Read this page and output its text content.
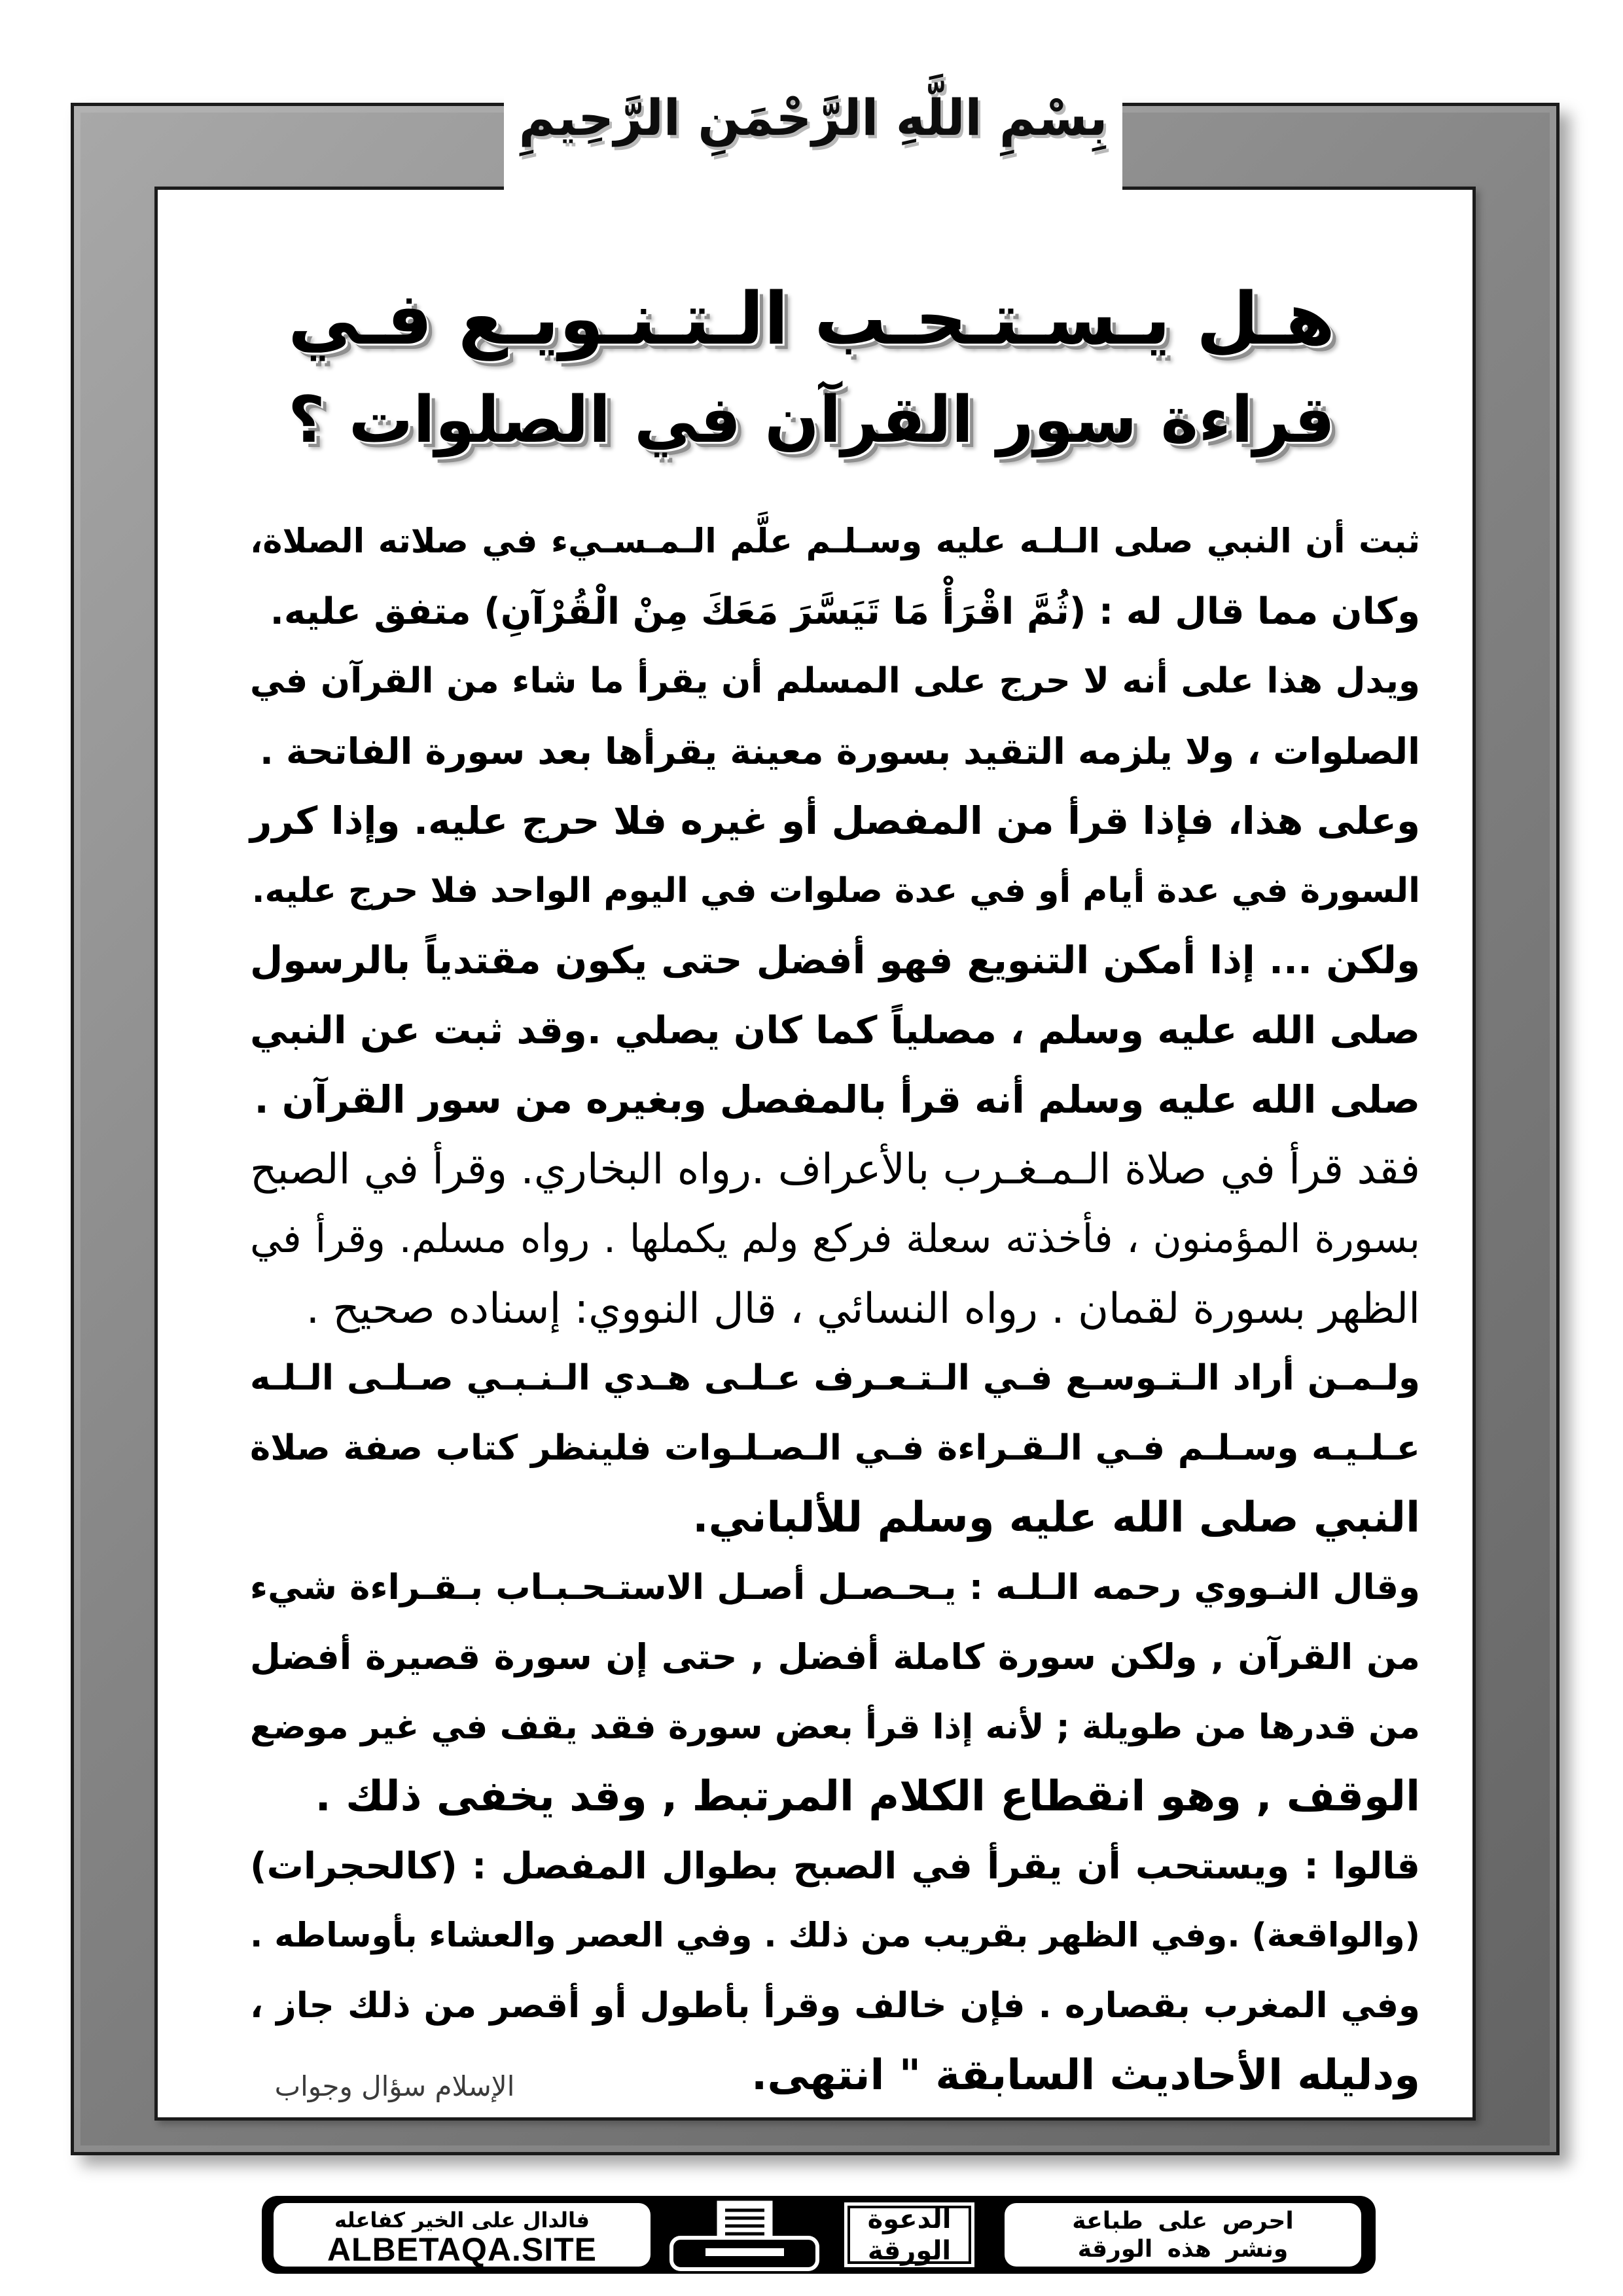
بِسْمِ اللَّهِ الرَّحْمَنِ الرَّحِيمِ
هـل يـسـتـحـب الـتـنـويـع فـي
قراءة سور القرآن في الصلوات ؟
ثبت أن النبي صلى الـلـه عليه وسـلـم علَّم الـمـسـيء في صلاته الصلاة،
وكان مما قال له : (ثُمَّ اقْرَأْ مَا تَيَسَّرَ مَعَكَ مِنْ الْقُرْآنِ) متفق عليه.
ويدل هذا على أنه لا حرج على المسلم أن يقرأ ما شاء من القرآن في
الصلوات ، ولا يلزمه التقيد بسورة معينة يقرأها بعد سورة الفاتحة .
وعلى هذا، فإذا قرأ من المفصل أو غيره فلا حرج عليه. وإذا كرر
السورة في عدة أيام أو في عدة صلوات في اليوم الواحد فلا حرج عليه.
ولكن ... إذا أمكن التنويع فهو أفضل حتى يكون مقتدياً بالرسول
صلى الله عليه وسلم ، مصلياً كما كان يصلي .وقد ثبت عن النبي
صلى الله عليه وسلم أنه قرأ بالمفصل وبغيره من سور القرآن .
فقد قرأ في صلاة الـمـغـرب بالأعراف .رواه البخاري. وقرأ في الصبح
بسورة المؤمنون ، فأخذته سعلة فركع ولم يكملها . رواه مسلم. وقرأ في
الظهر بسورة لقمان . رواه النسائي ، قال النووي: إسناده صحيح .
ولـمـن أراد الـتـوسـع فـي الـتـعـرف عـلـى هـدي الـنـبـي صـلـى الـلـه
عـلـيـه وسـلـم فـي الـقـراءة فـي الـصـلـوات فلينظر كتاب صفة صلاة
النبي صلى الله عليه وسلم للألباني.
وقال النـووي رحمه الـلـه : يـحـصـل أصـل الاستـحـبـاب بـقـراءة شيء
من القرآن , ولكن سورة كاملة أفضل , حتى إن سورة قصيرة أفضل
من قدرها من طويلة ; لأنه إذا قرأ بعض سورة فقد يقف في غير موضع
الوقف , وهو انقطاع الكلام المرتبط , وقد يخفى ذلك .
قالوا : ويستحب أن يقرأ في الصبح بطوال المفصل : (كالحجرات)
(والواقعة) .وفي الظهر بقريب من ذلك . وفي العصر والعشاء بأوساطه .
وفي المغرب بقصاره . فإن خالف وقرأ بأطول أو أقصر من ذلك جاز ،
ودليله الأحاديث السابقة " انتهى.
الإسلام سؤال وجواب
فالدال على الخير كفاعله
ALBETAQA.SITE
الدعوة
الورقة
احرص على طباعة
ونشر هذه الورقة
